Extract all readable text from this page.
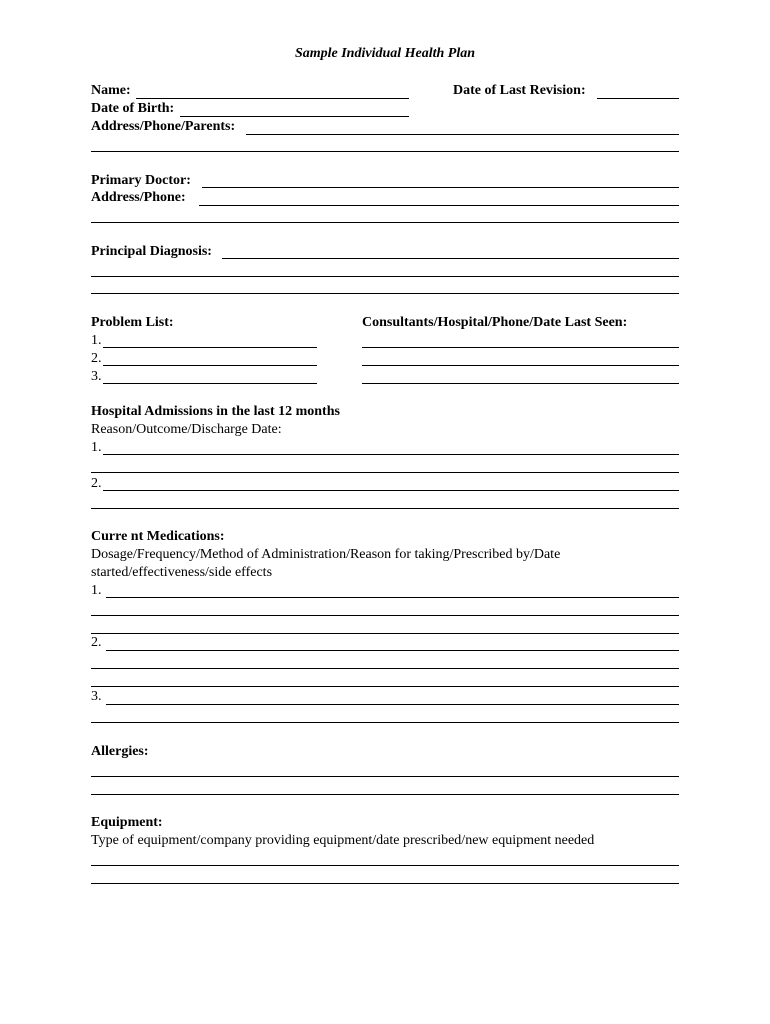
Sample Individual Health Plan
Name:	Date of Last Revision:
Date of Birth:
Address/Phone/Parents:
Primary Doctor:
Address/Phone:
Principal Diagnosis:
Problem List:	Consultants/Hospital/Phone/Date Last Seen:
1.
2.
3.
Hospital Admissions in the last 12 months
Reason/Outcome/Discharge Date:
1.
2.
Curre nt Medications:
Dosage/Frequency/Method of Administration/Reason for taking/Prescribed by/Date
started/effectiveness/side effects
1.
2.
3.
Allergies:
Equipment:
Type of equipment/company providing equipment/date prescribed/new equipment needed
